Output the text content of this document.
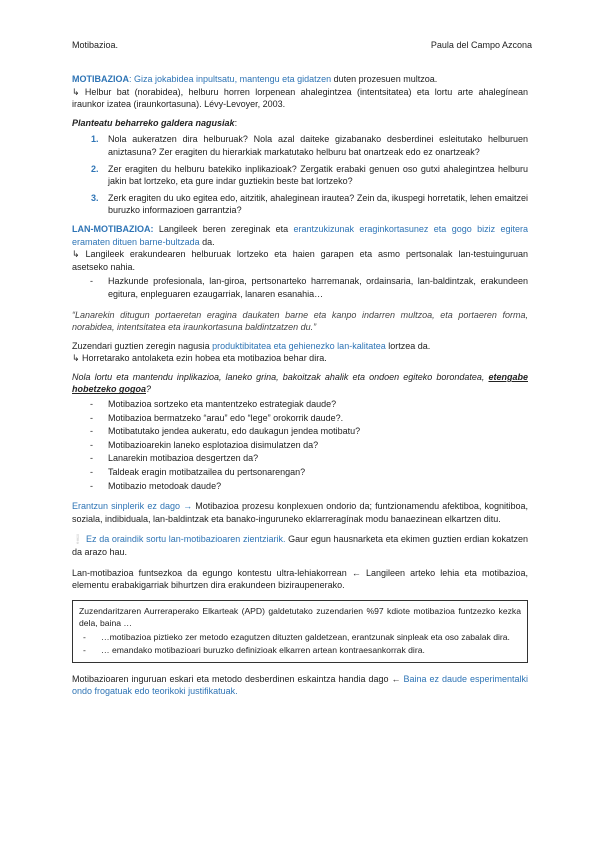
Motibazioa.	Paula del Campo Azcona

MOTIBAZIOA: Giza jokabidea inpultsatu, mantengu eta gidatzen duten prozesuen multzoa.

↳ Helbur bat (norabidea), helburu horren lorpenean ahalegintzea (intentsitatea) eta lortu arte ahalegínean iraunkor izatea (iraunkortasuna). Lévy-Levoyer, 2003.

Planteatu beharreko galdera nagusiak:

1. Nola aukeratzen dira helburuak? Nola azal daiteke gizabanako desberdinei esleitutako helburuen aniztasuna? Zer eragiten du hierarkiak markatutako helburu bat onartzeak edo ez onartzeak?
2. Zer eragiten du helburu batekiko inplikazioak? Zergatik erabaki genuen oso gutxi ahalegintzea helburu jakin bat lortzeko, eta gure indar guztiekin beste bat lortzeko?
3. Zerk eragiten du uko egitea edo, aitzitik, ahaleginean irautea? Zein da, ikuspegi horretatik, lehen emaitzei buruzko informazioen garrantzia?

LAN-MOTIBAZIOA: Langileek beren zereginak eta erantzukizunak eraginkortasunez eta gogo biziz egitera eramaten dituen barne-bultzada da.

↳ Langileek erakundearen helburuak lortzeko eta haien garapen eta asmo pertsonalak lan-testuinguruan asetseko nahia.

- Hazkunde profesionala, lan-giroa, pertsonarteko harremanak, ordainsaria, lan-baldintzak, erakundeen egitura, enpleguaren ezaugarriak, lanaren esanahia…

“Lanarekin ditugun portaeretan eragina daukaten barne eta kanpo indarren multzoa, eta portaeren forma, norabidea, intentsitatea eta iraunkortasuna baldintzatzen du.”

Zuzendari guztien zeregin nagusia produktibitatea eta gehienezko lan-kalitatea lortzea da.

↳ Horretarako antolaketa ezin hobea eta motibazioa behar dira.

Nola lortu eta mantendu inplikazioa, laneko grina, bakoitzak ahalik eta ondoen egiteko borondatea, etengabe hobetzeko gogoa?

- Motibazioa sortzeko eta mantentzeko estrategiak daude?
- Motibazioa bermatzeko “arau” edo “lege” orokorrik daude?.
- Motibatutako jendea aukeratu, edo daukagun jendea motibatu?
- Motibazioarekin laneko esplotazioa disimulatzen da?
- Lanarekin motibazioa desgertzen da?
- Taldeak eragin motibatzailea du pertsonarengan?
- Motibazio metodoak daude?

Erantzun sinplerik ez dago → Motibazioa prozesu konplexuen ondorio da; funtzionamendu afektiboa, kognitiboa, soziala, indibiduala, lan-baldintzak eta banako-inguruneko eklarreragínak modu banaezinean elkartzen ditu.

❕ Ez da oraindik sortu lan-motibazioaren zientziarik. Gaur egun hausnarketa eta ekimen guztien erdian kokatzen da arazo hau.

Lan-motibazioa funtsezkoa da egungo kontestu ultra-lehiakorrean ← Langileen arteko lehia eta motibazioa, elementu erabakigarriak bihurtzen dira erakundeen biziraupenerako.

Zuzendaritzaren Aurreraperako Elkarteak (APD) galdetutako zuzendarien %97 kdiote motibazioa funtzezko kezka dela, baina …

- …motibazioa piztieko zer metodo ezagutzen dituzten galdetzean, erantzunak sinpleak eta oso zabalak dira.
- … emandako motibazioari buruzko definizioak elkarren artean kontraesankorrak dira.

Motibazioaren inguruan eskari eta metodo desberdinen eskaintza handia dago ← Baina ez daude esperimentalki ondo frogatuak edo teorikoki justifikatuak.
